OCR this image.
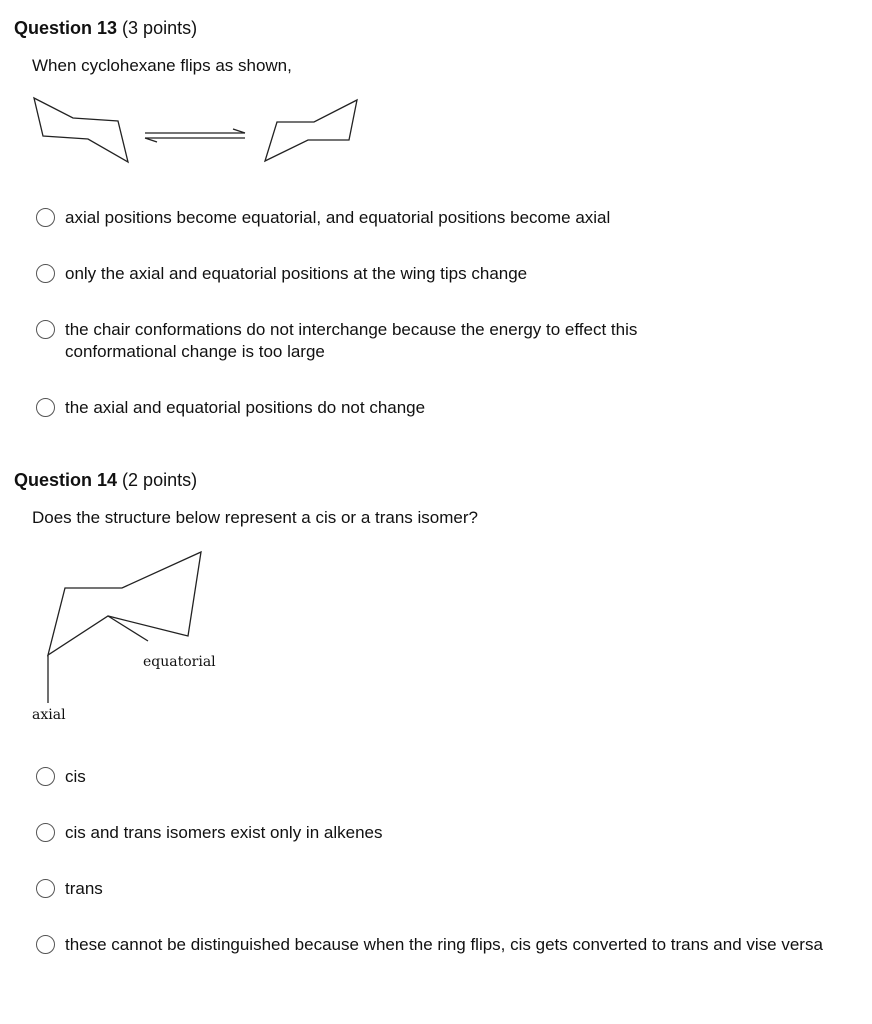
Question 13 (3 points)
When cyclohexane flips as shown,
axial positions become equatorial, and equatorial positions become axial
only the axial and equatorial positions at the wing tips change
the chair conformations do not interchange because the energy to effect this conformational change is too large
the axial and equatorial positions do not change
Question 14 (2 points)
Does the structure below represent a cis or a trans isomer?
equatorial
axial
cis
cis and trans isomers exist only in alkenes
trans
these cannot be distinguished because when the ring flips, cis gets converted to trans and vise versa
